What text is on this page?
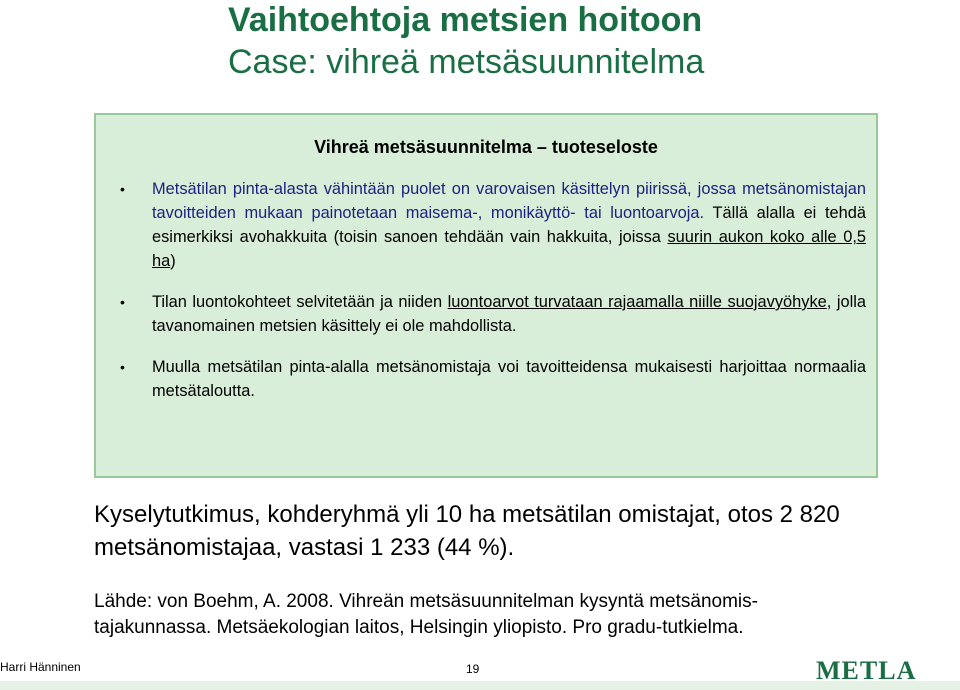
Vaihtoehtoja metsien hoitoon
Case: vihreä metsäsuunnitelma
Vihreä metsäsuunnitelma – tuoteseloste
• Metsätilan pinta-alasta vähintään puolet on varovaisen käsittelyn piirissä, jossa metsänomistajan tavoitteiden mukaan painotetaan maisema-, monikäyttö- tai luontoarvoja. Tällä alalla ei tehdä esimerkiksi avohakkuita (toisin sanoen tehdään vain hakkuita, joissa suurin aukon koko alle 0,5 ha)
• Tilan luontokohteet selvitetään ja niiden luontoarvot turvataan rajaamalla niille suojavyöhyke, jolla tavanomainen metsien käsittely ei ole mahdollista.
• Muulla metsätilan pinta-alalla metsänomistaja voi tavoitteidensa mukaisesti harjoittaa normaalia metsätaloutta.
Kyselytutkimus, kohderyhmä yli 10 ha metsätilan omistajat, otos 2 820 metsänomistajaa, vastasi 1 233 (44 %).
Lähde: von Boehm, A. 2008. Vihreän metsäsuunnitelman kysyntä metsänomis-tajakunnassa. Metsäekologian laitos, Helsingin yliopisto. Pro gradu-tutkielma.
Harri Hänninen	19	METLA
